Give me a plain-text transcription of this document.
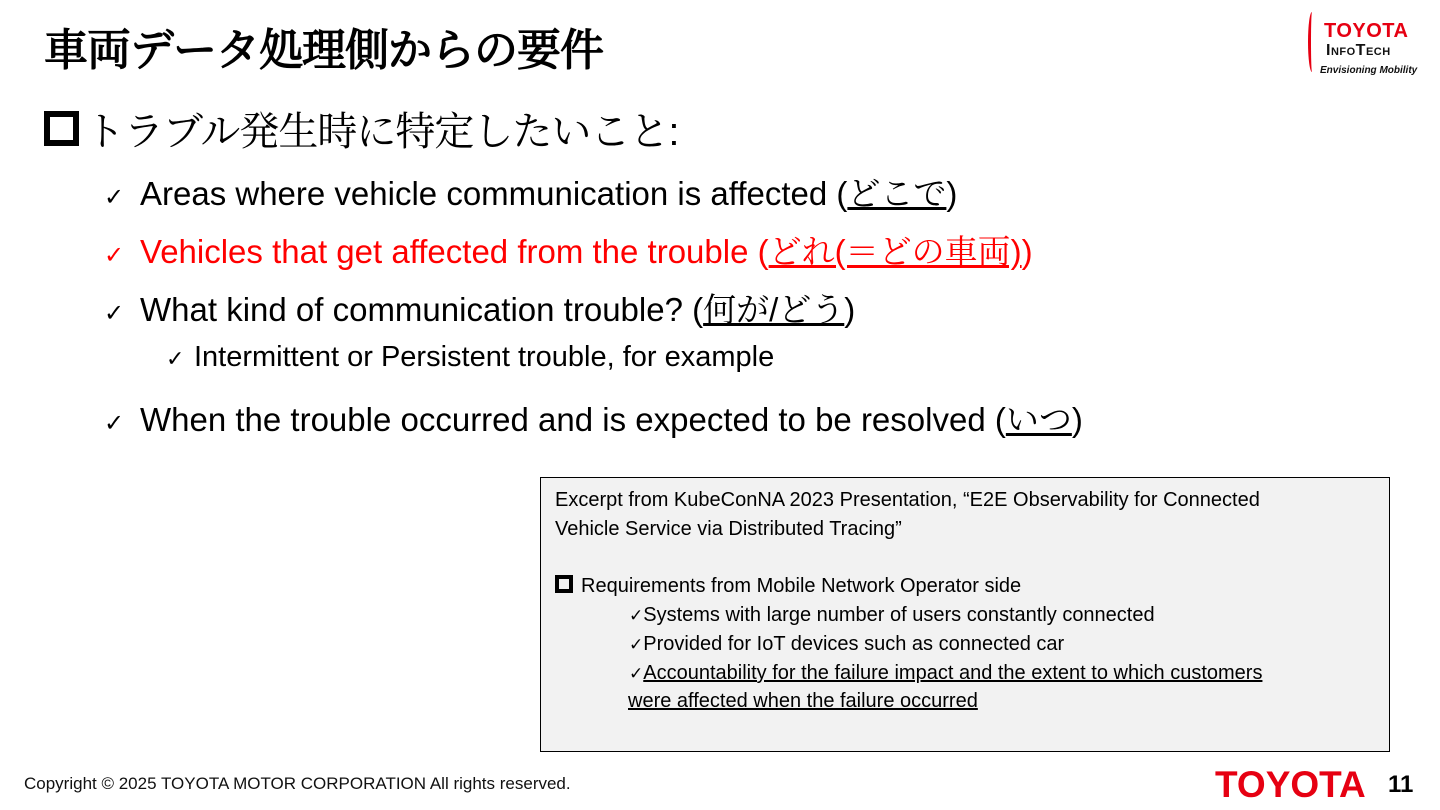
車両データ処理側からの要件	TOYOTA
InfoTech
Envisioning Mobility
トラブル発生時に特定したいこと:
✓ Areas where vehicle communication is affected ( どこで )
✓ Vehicles that get affected from the trouble ( どれ(＝どの車両) )
✓ What kind of communication trouble? ( 何が/どう )
✓ Intermittent or Persistent trouble, for example
✓ When the trouble occurred and is expected to be resolved ( いつ )
Excerpt from KubeConNA 2023 Presentation, “E2E Observability for Connected
Vehicle Service via Distributed Tracing”
Requirements from Mobile Network Operator side
✓Systems with large number of users constantly connected
✓Provided for IoT devices such as connected car
✓Accountability for the failure impact and the extent to which customers
were affected when the failure occurred
Copyright © 2025 TOYOTA MOTOR CORPORATION All rights reserved.	TOYOTA 11
